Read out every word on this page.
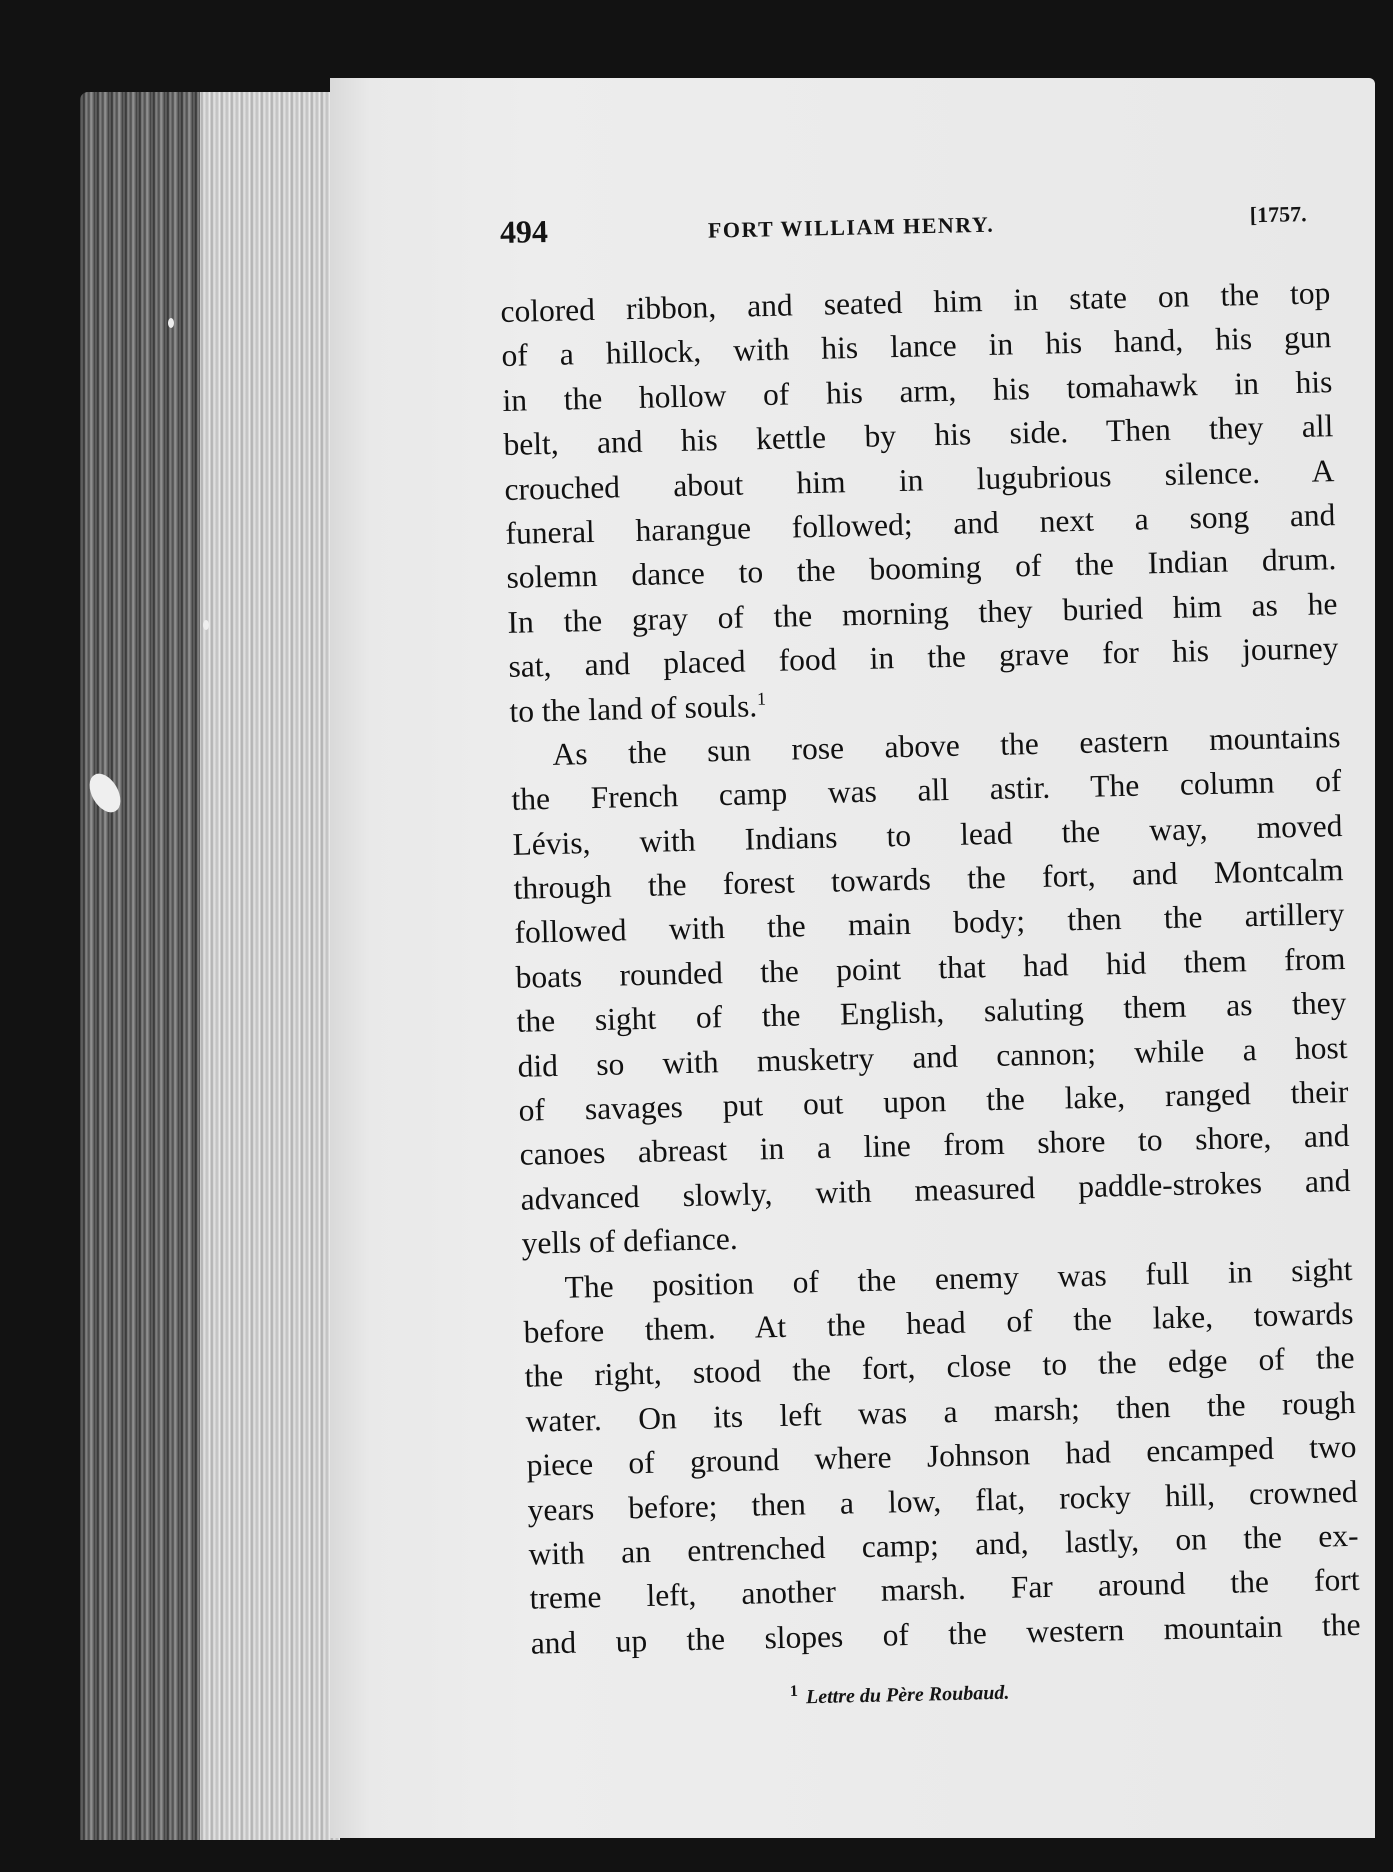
494	FORT WILLIAM HENRY.	[1757.
colored ribbon, and seated him in state on the top
of a hillock, with his lance in his hand, his gun
in the hollow of his arm, his tomahawk in his
belt, and his kettle by his side. Then they all
crouched about him in lugubrious silence. A
funeral harangue followed; and next a song and
solemn dance to the booming of the Indian drum.
In the gray of the morning they buried him as he
sat, and placed food in the grave for his journey
to the land of souls.$^1$
As the sun rose above the eastern mountains
the French camp was all astir. The column of
Lévis, with Indians to lead the way, moved
through the forest towards the fort, and Montcalm
followed with the main body; then the artillery
boats rounded the point that had hid them from
the sight of the English, saluting them as they
did so with musketry and cannon; while a host
of savages put out upon the lake, ranged their
canoes abreast in a line from shore to shore, and
advanced slowly, with measured paddle-strokes and
yells of defiance.
The position of the enemy was full in sight
before them. At the head of the lake, towards
the right, stood the fort, close to the edge of the
water. On its left was a marsh; then the rough
piece of ground where Johnson had encamped two
years before; then a low, flat, rocky hill, crowned
with an entrenched camp; and, lastly, on the ex-
treme left, another marsh. Far around the fort
and up the slopes of the western mountain the
$^1$ Lettre du Père Roubaud.
